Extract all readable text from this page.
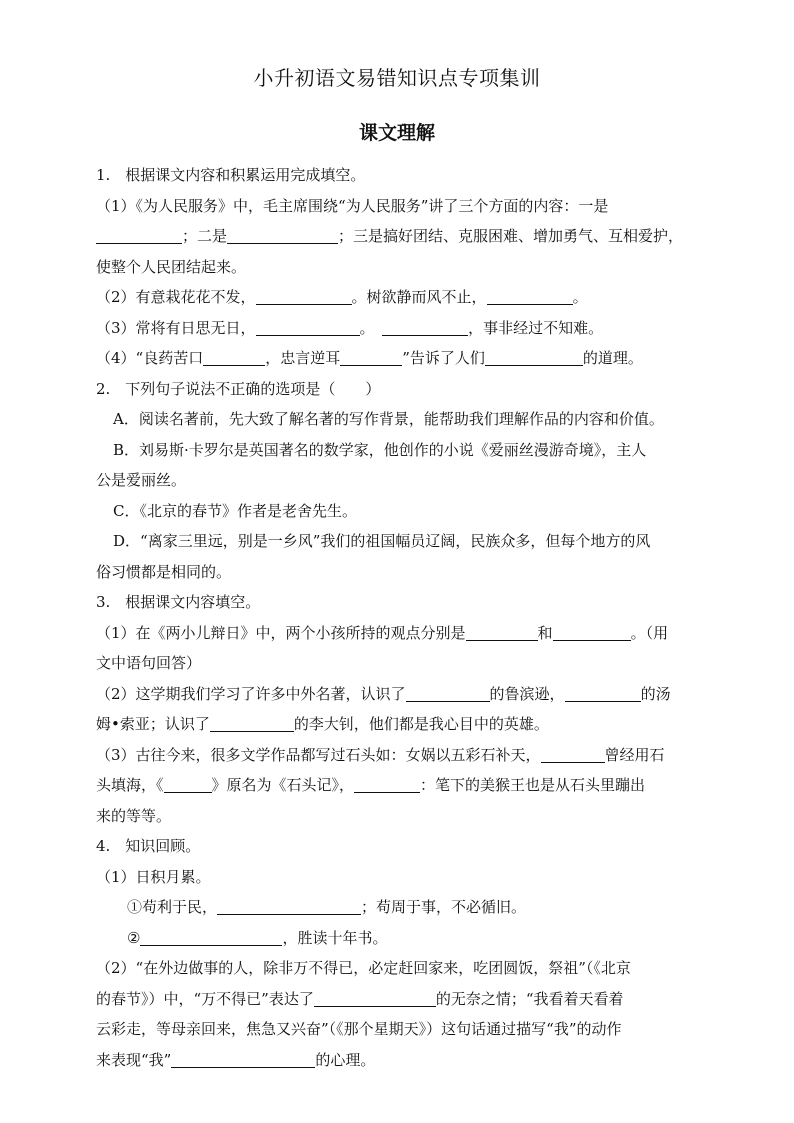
小升初语文易错知识点专项集训
课文理解

1.　根据课文内容和积累运用完成填空。

（1）《为人民服务》中，毛主席围绕“为人民服务”讲了三个方面的内容：一是

；二是	；三是搞好团结、克服困难、增加勇气、互相爱护，

使整个人民团结起来。

（2）有意栽花花不发，	。树欲静而风不止，	。

（3）常将有日思无日，	。　	，事非经过不知难。

（4）“良药苦口	，忠言逆耳	”告诉了人们	的道理。

2.　下列句子说法不正确的选项是（　　）

A．阅读名著前，先大致了解名著的写作背景，能帮助我们理解作品的内容和价值。

B．刘易斯·卡罗尔是英国著名的数学家，他创作的小说《爱丽丝漫游奇境》，主人

公是爱丽丝。

C．《北京的春节》作者是老舍先生。

D．“离家三里远，别是一乡风”我们的祖国幅员辽阔，民族众多，但每个地方的风

俗习惯都是相同的。

3.　根据课文内容填空。

（1）在《两小儿辩日》中，两个小孩所持的观点分别是	和	。（用

文中语句回答）

（2）这学期我们学习了许多中外名著，认识了	的鲁滨逊，	的汤

姆•索亚；认识了	的李大钊，他们都是我心目中的英雄。

（3）古往今来，很多文学作品都写过石头如：女娲以五彩石补天，	曾经用石

头填海，《	》原名为《石头记》，	：笔下的美猴王也是从石头里蹦出

来的等等。

4.　知识回顾。

（1）日积月累。

①苟利于民，	；苟周于事，不必循旧。

②	，胜读十年书。

（2）“在外边做事的人，除非万不得已，必定赶回家来，吃团圆饭，祭祖”（《北京

的春节》）中，“万不得已”表达了	的无奈之情；“我看着天看着

云彩走，等母亲回来，焦急又兴奋”（《那个星期天》）这句话通过描写“我”的动作

来表现“我”	的心理。
